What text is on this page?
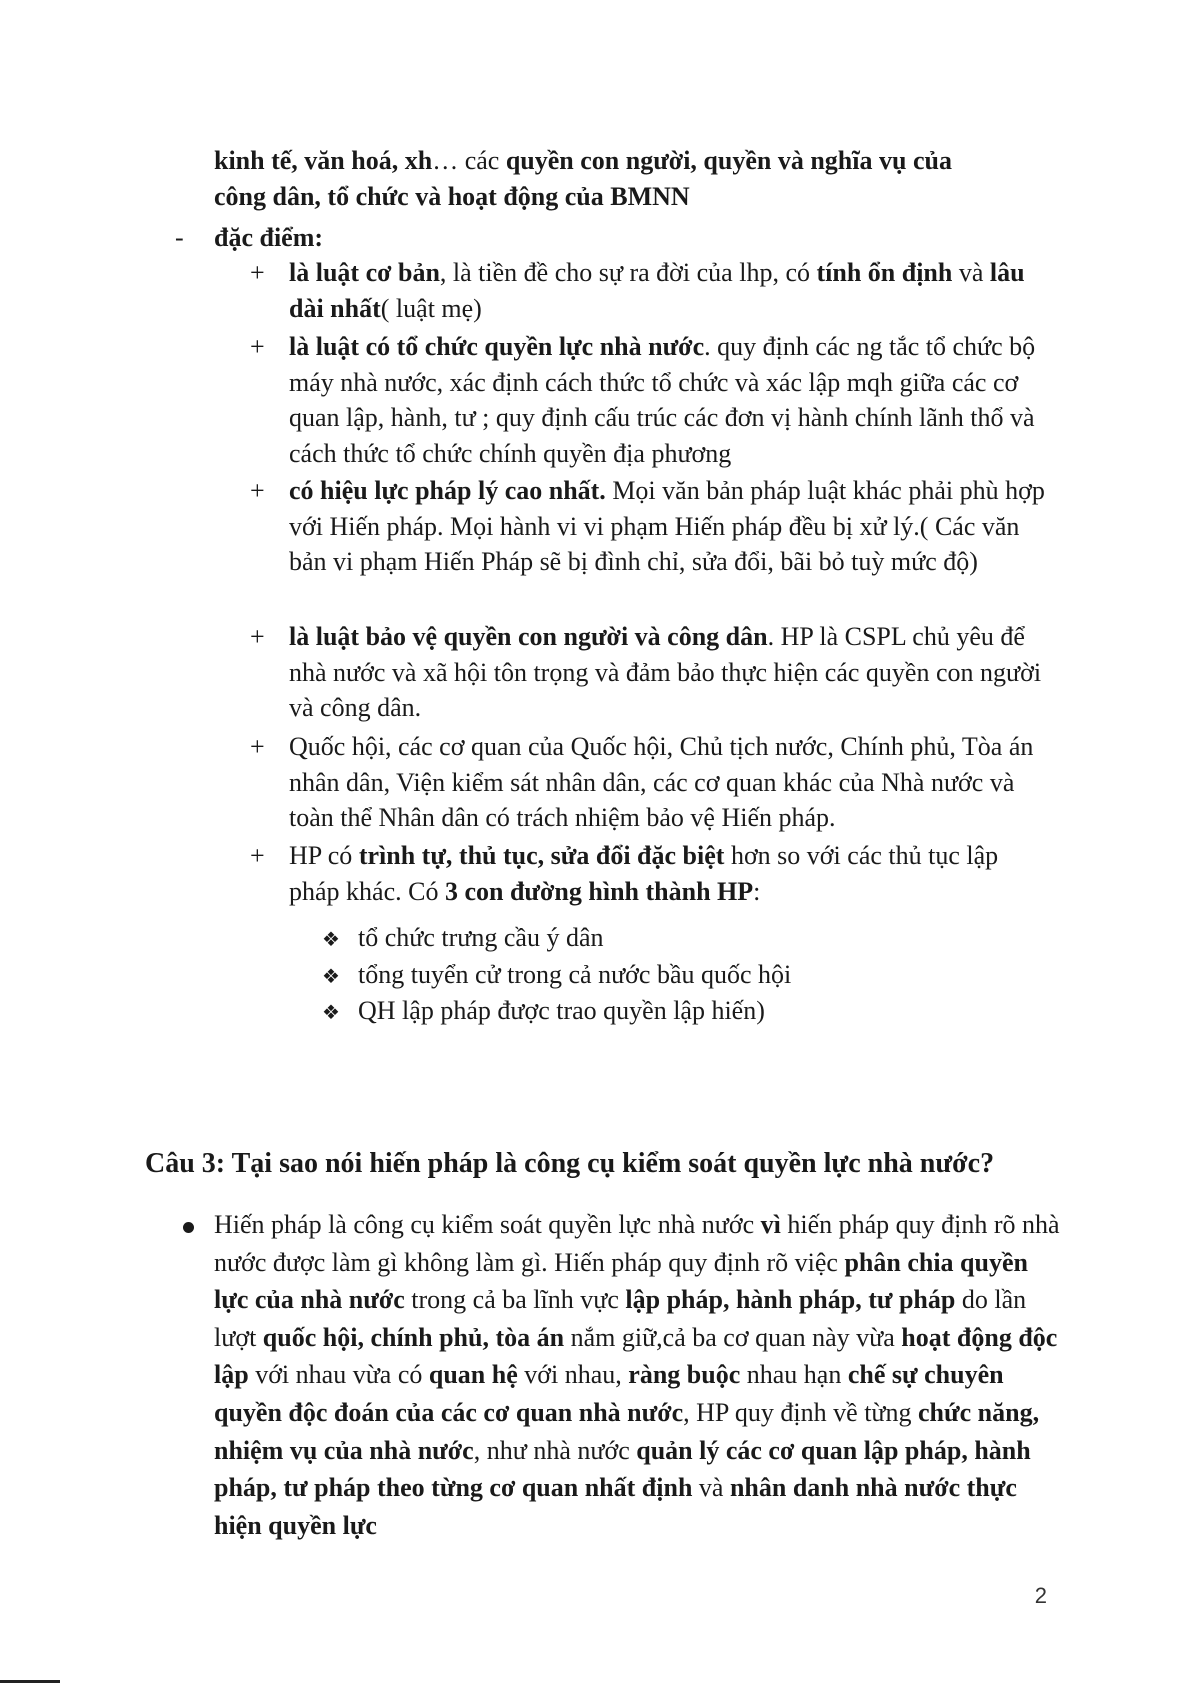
kinh tế, văn hoá, xh… các quyền con người, quyền và nghĩa vụ của
công dân, tổ chức và hoạt động của BMNN

- đặc điểm:
+ là luật cơ bản, là tiền đề cho sự ra đời của lhp, có tính ổn định và lâu dài nhất( luật mẹ)
+ là luật có tổ chức quyền lực nhà nước. quy định các ng tắc tổ chức bộ máy nhà nước, xác định cách thức tổ chức và xác lập mqh giữa các cơ quan lập, hành, tư ; quy định cấu trúc các đơn vị hành chính lãnh thổ và cách thức tổ chức chính quyền địa phương
+ có hiệu lực pháp lý cao nhất. Mọi văn bản pháp luật khác phải phù hợp với Hiến pháp. Mọi hành vi vi phạm Hiến pháp đều bị xử lý.( Các văn bản vi phạm Hiến Pháp sẽ bị đình chỉ, sửa đổi, bãi bỏ tuỳ mức độ)
+ là luật bảo vệ quyền con người và công dân. HP là CSPL chủ yêu để nhà nước và xã hội tôn trọng và đảm bảo thực hiện các quyền con người và công dân.
+ Quốc hội, các cơ quan của Quốc hội, Chủ tịch nước, Chính phủ, Tòa án nhân dân, Viện kiểm sát nhân dân, các cơ quan khác của Nhà nước và toàn thể Nhân dân có trách nhiệm bảo vệ Hiến pháp.
+ HP có trình tự, thủ tục, sửa đổi đặc biệt hơn so với các thủ tục lập pháp khác. Có 3 con đường hình thành HP:
❖ tổ chức trưng cầu ý dân
❖ tổng tuyển cử trong cả nước bầu quốc hội
❖ QH lập pháp được trao quyền lập hiến)
Câu 3: Tại sao nói hiến pháp là công cụ kiểm soát quyền lực nhà nước?
Hiến pháp là công cụ kiểm soát quyền lực nhà nước vì hiến pháp quy định rõ nhà nước được làm gì không làm gì. Hiến pháp quy định rõ việc phân chia quyền lực của nhà nước trong cả ba lĩnh vực lập pháp, hành pháp, tư pháp do lần lượt quốc hội, chính phủ, tòa án nắm giữ,cả ba cơ quan này vừa hoạt động độc lập với nhau vừa có quan hệ với nhau, ràng buộc nhau hạn chế sự chuyên quyền độc đoán của các cơ quan nhà nước, HP quy định về từng chức năng, nhiệm vụ của nhà nước, như nhà nước quản lý các cơ quan lập pháp, hành pháp, tư pháp theo từng cơ quan nhất định và nhân danh nhà nước thực hiện quyền lực
2
